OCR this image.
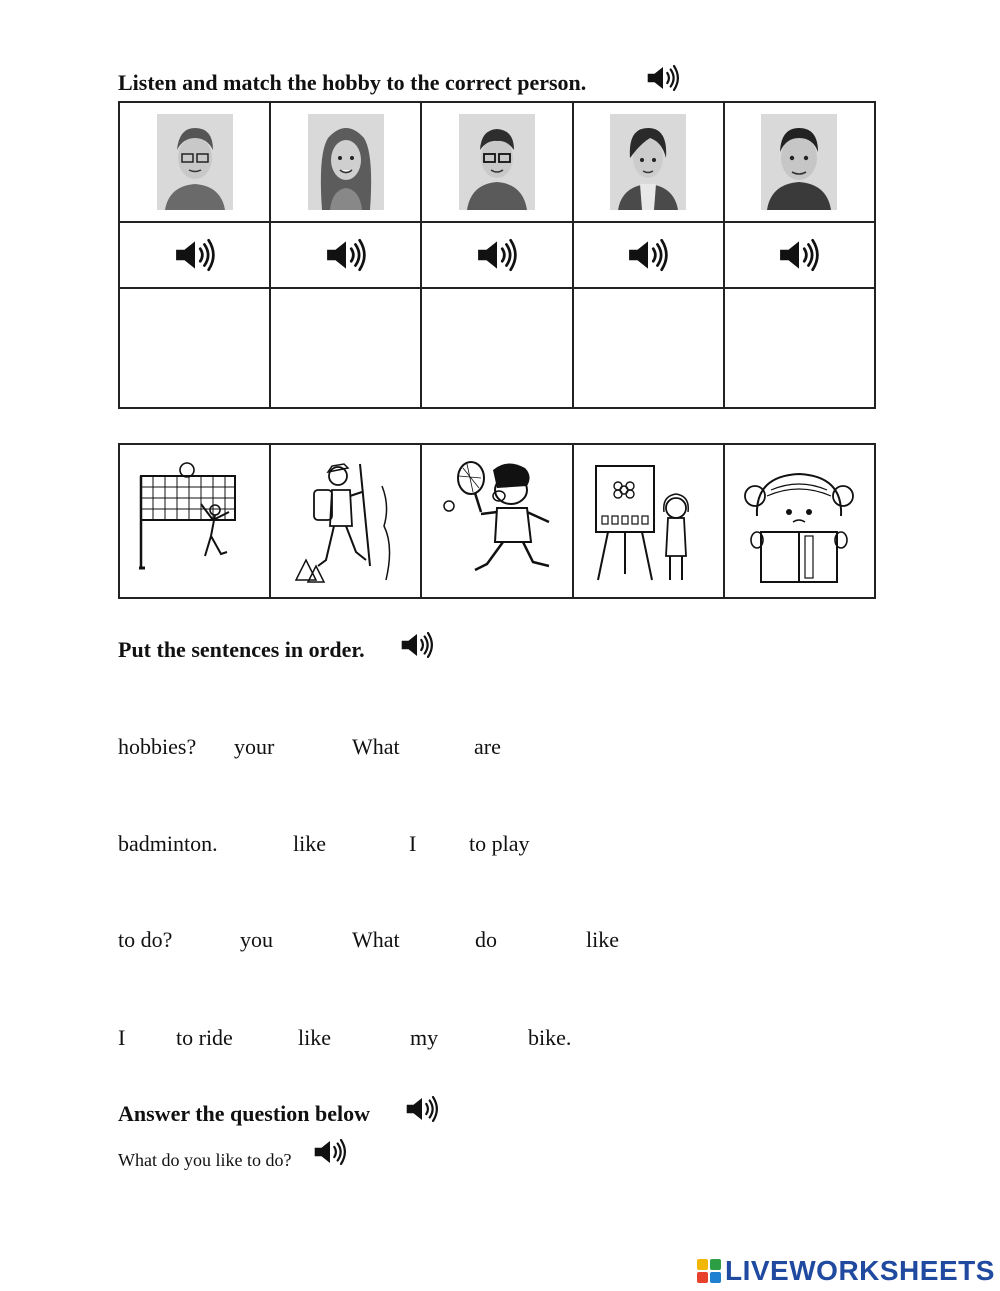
Listen and match the hobby to the correct person.

Put the sentences in order.
hobbies? your	What	are
badminton.	like	I to play
to do?	you	What	do	like
I to ride	like	my	bike.
Answer the question below
What do you like to do?
LIVEWORKSHEETS
